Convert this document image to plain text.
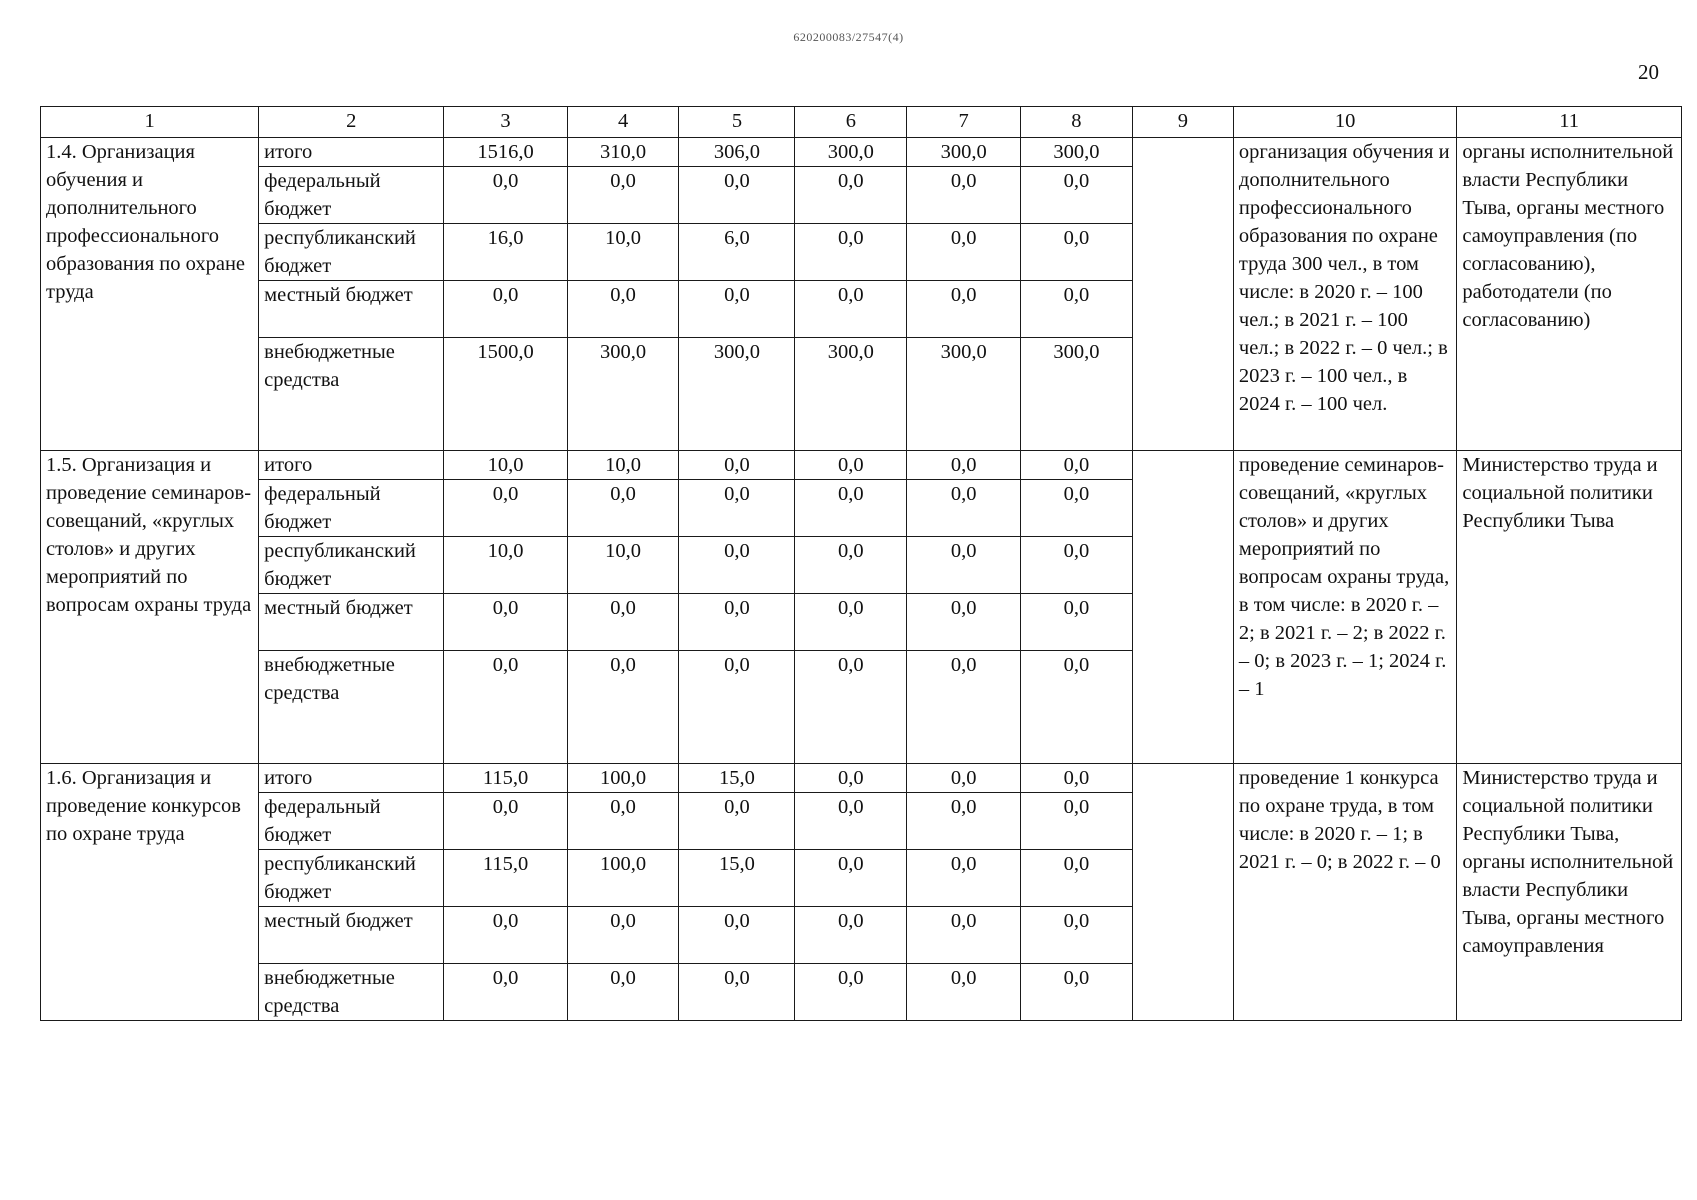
620200083/27547(4)
20
1	2	3	4	5	6	7	8	9	10	11
1.4. Организация обучения и дополнительного профессионального образования по охране труда	итого	1516,0	310,0	306,0	300,0	300,0	300,0		организация обучения и дополнительного профессионального образования по охране труда 300 чел., в том числе: в 2020 г. – 100 чел.; в 2021 г. – 100 чел.; в 2022 г. – 0 чел.; в 2023 г. – 100 чел., в 2024 г. – 100 чел.	органы исполнительной власти Республики Тыва, органы местного самоуправления (по согласованию), работодатели (по согласованию)
	федеральный бюджет	0,0	0,0	0,0	0,0	0,0	0,0			
	республиканский бюджет	16,0	10,0	6,0	0,0	0,0	0,0			
	местный бюджет	0,0	0,0	0,0	0,0	0,0	0,0			
	внебюджетные средства	1500,0	300,0	300,0	300,0	300,0	300,0			
1.5. Организация и проведение семинаров-совещаний, «круглых столов» и других мероприятий по вопросам охраны труда	итого	10,0	10,0	0,0	0,0	0,0	0,0		проведение семинаров-совещаний, «круглых столов» и других мероприятий по вопросам охраны труда, в том числе: в 2020 г. – 2; в 2021 г. – 2; в 2022 г. – 0; в 2023 г. – 1; 2024 г. – 1	Министерство труда и социальной политики Республики Тыва
	федеральный бюджет	0,0	0,0	0,0	0,0	0,0	0,0			
	республиканский бюджет	10,0	10,0	0,0	0,0	0,0	0,0			
	местный бюджет	0,0	0,0	0,0	0,0	0,0	0,0			
	внебюджетные средства	0,0	0,0	0,0	0,0	0,0	0,0			
1.6. Организация и проведение конкурсов по охране труда	итого	115,0	100,0	15,0	0,0	0,0	0,0		проведение 1 конкурса по охране труда, в том числе: в 2020 г. – 1; в 2021 г. – 0; в 2022 г. – 0	Министерство труда и социальной политики Республики Тыва, органы исполнительной власти Республики Тыва, органы местного самоуправления
	федеральный бюджет	0,0	0,0	0,0	0,0	0,0	0,0			
	республиканский бюджет	115,0	100,0	15,0	0,0	0,0	0,0			
	местный бюджет	0,0	0,0	0,0	0,0	0,0	0,0			
	внебюджетные средства	0,0	0,0	0,0	0,0	0,0	0,0			
